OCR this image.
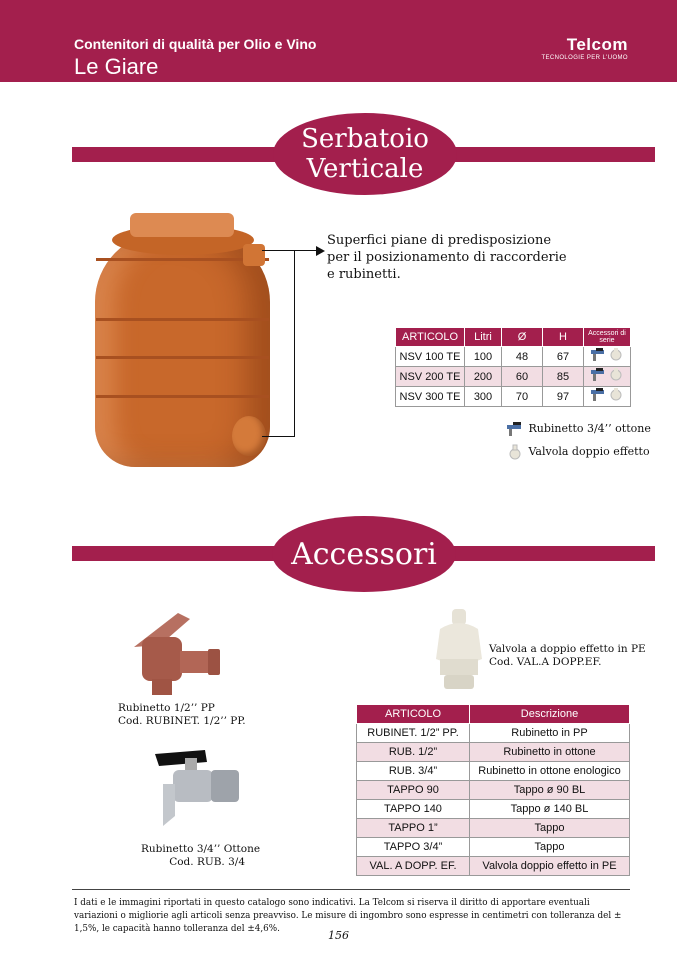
Contenitori di qualità per Olio e Vino
Le Giare
Telcom
TECNOLOGIE PER L'UOMO
Serbatoio
Verticale
Superfici piane di predisposizione
per il posizionamento di raccorderie
e rubinetti.
ARTICOLO	Litri	Ø	H	Accessori di serie
NSV 100 TE	100	48	67	
NSV 200 TE	200	60	85	
NSV 300 TE	300	70	97	
Rubinetto 3/4’’ ottone
Valvola doppio effetto
Accessori
Rubinetto 1/2’’ PP
Cod. RUBINET. 1/2’’ PP.
Rubinetto 3/4’’ Ottone
Cod. RUB. 3/4
Valvola a doppio effetto in PE
Cod. VAL.A DOPP.EF.
ARTICOLO	Descrizione
RUBINET. 1/2” PP.	Rubinetto in PP
RUB. 1/2”	Rubinetto in ottone
RUB. 3/4”	Rubinetto in ottone enologico
TAPPO 90	Tappo ø 90 BL
TAPPO 140	Tappo ø 140 BL
TAPPO 1”	Tappo
TAPPO 3/4”	Tappo
VAL. A DOPP. EF.	Valvola doppio effetto in PE
I dati e le immagini riportati in questo catalogo sono indicativi. La Telcom si riserva il diritto di apportare eventuali variazioni o migliorie agli articoli senza preavviso. Le misure di ingombro sono espresse in centimetri con tolleranza del ± 1,5%, le capacità hanno tolleranza del ±4,6%.	156
